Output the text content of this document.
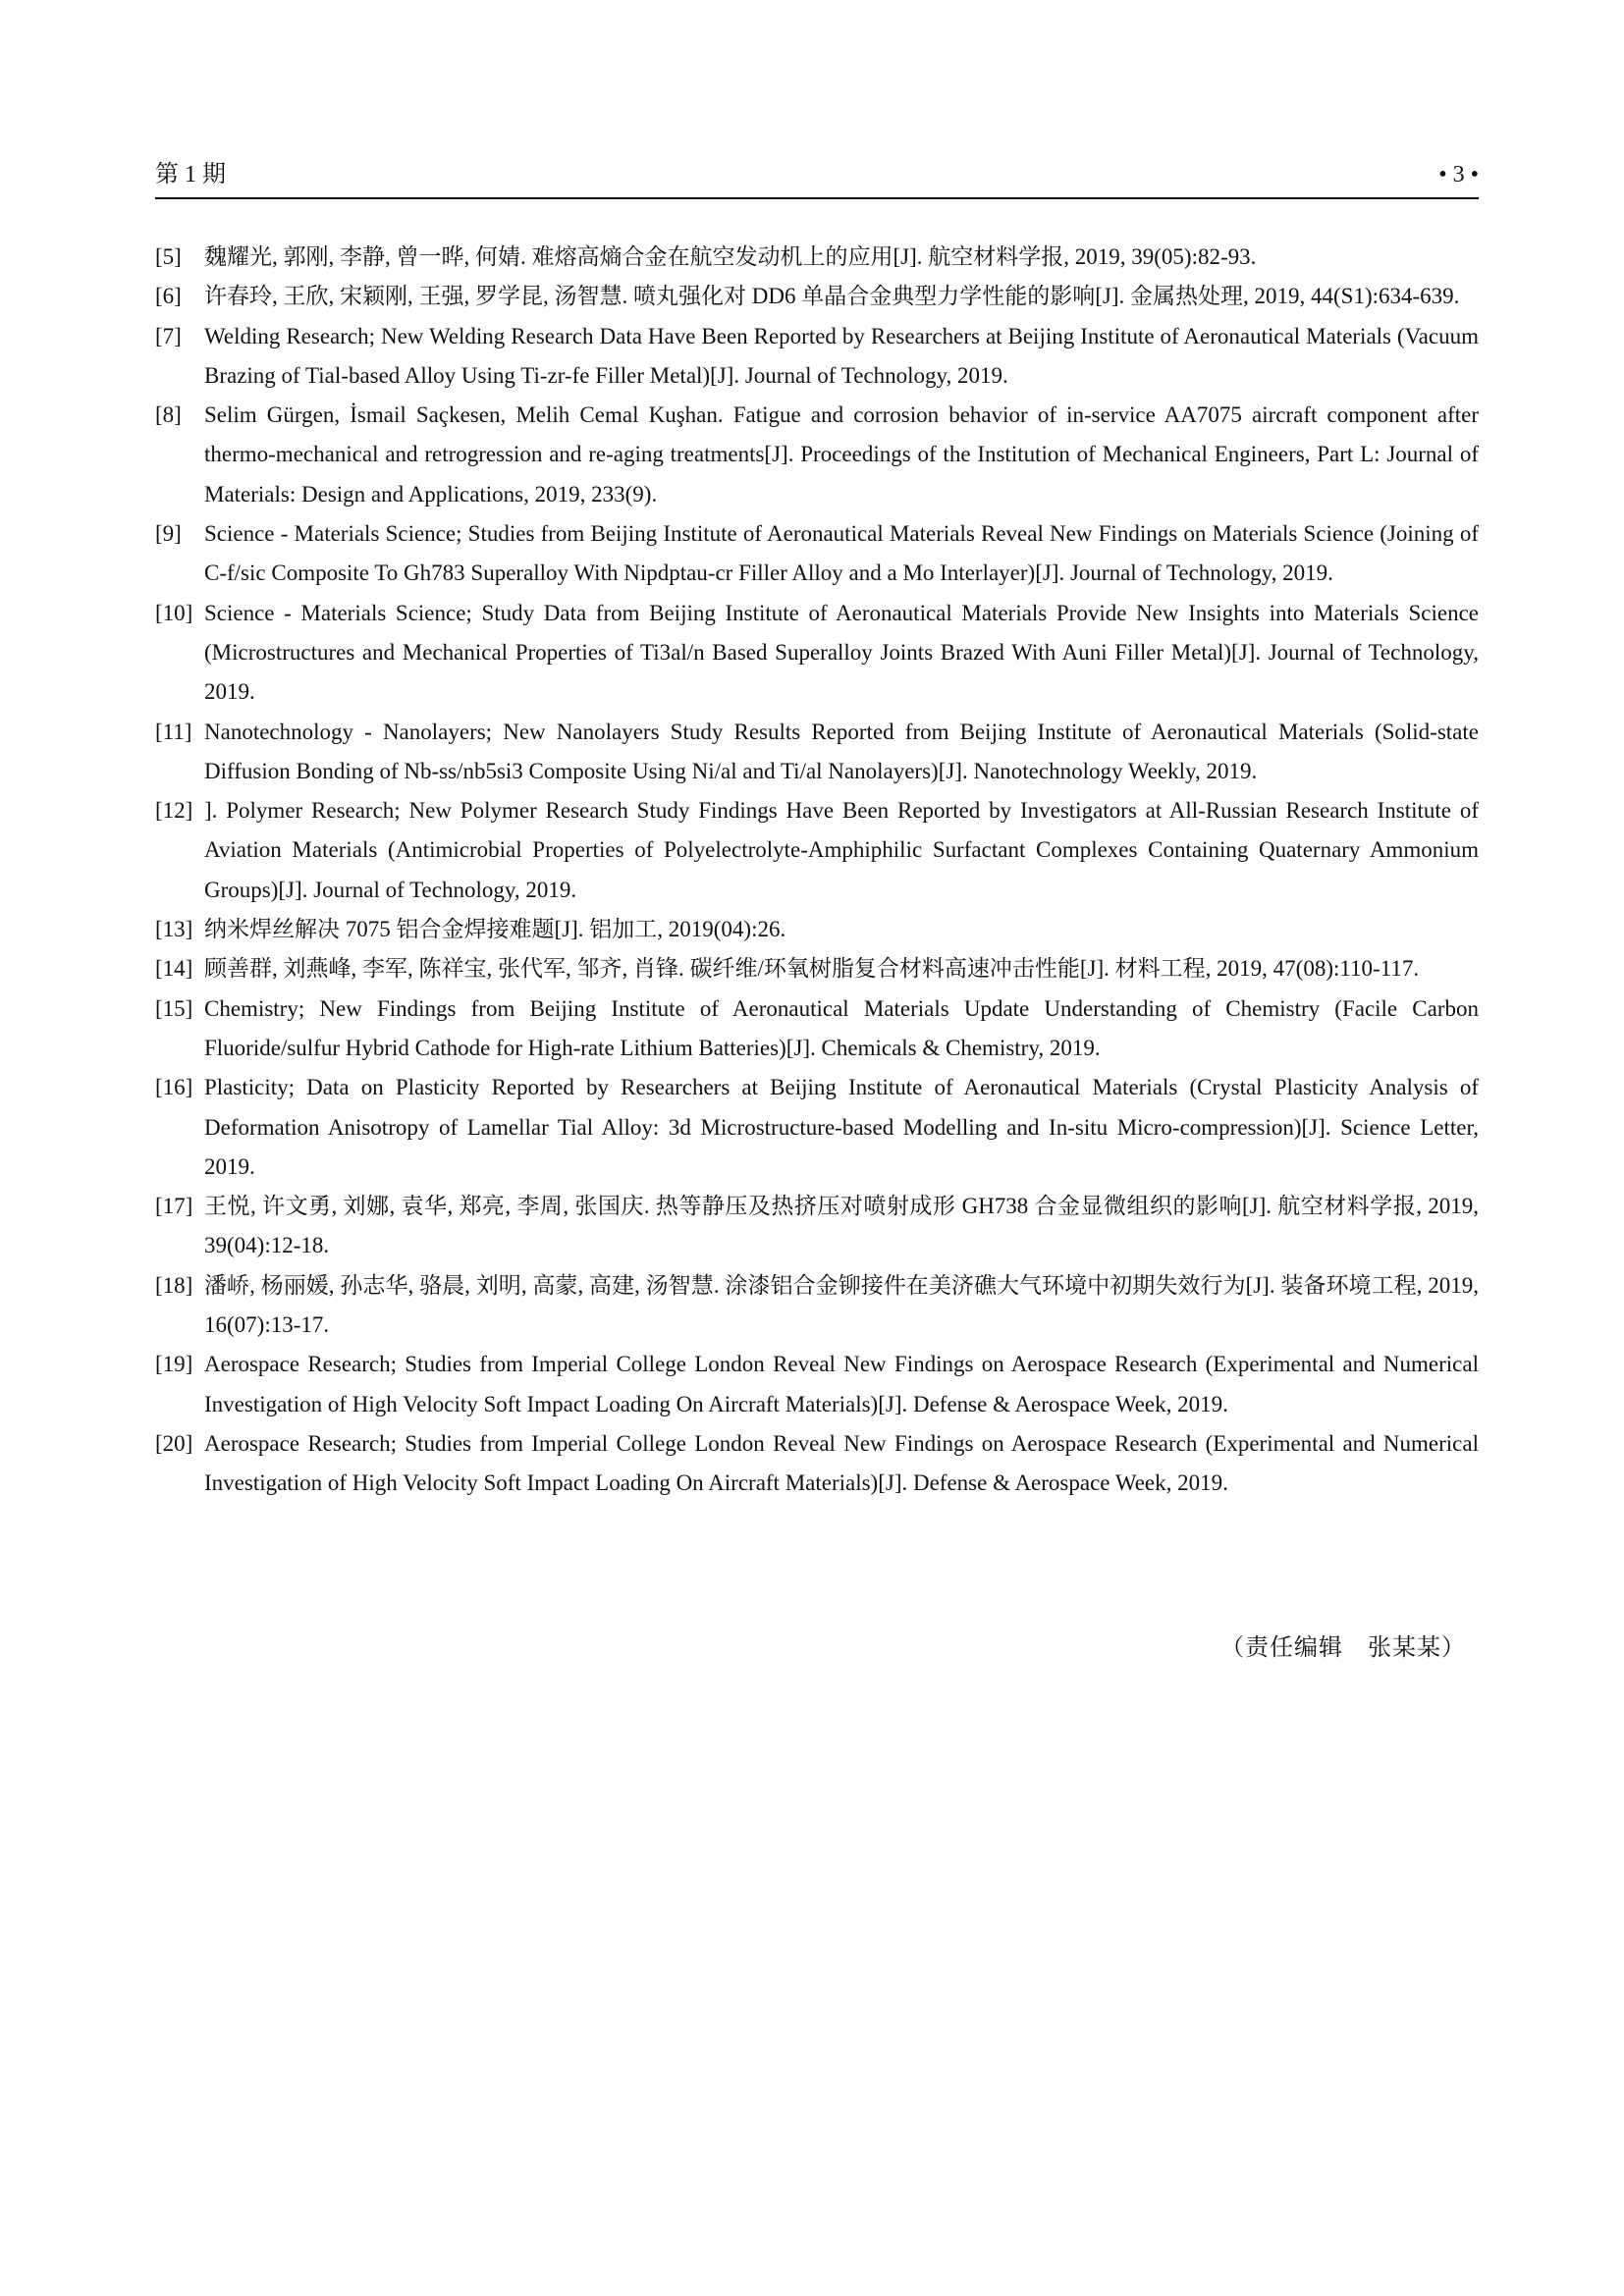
第 1 期	• 3 •
[5] 魏耀光, 郭刚, 李静, 曾一晔, 何婧. 难熔高熵合金在航空发动机上的应用[J]. 航空材料学报, 2019, 39(05):82-93.
[6] 许春玲, 王欣, 宋颖刚, 王强, 罗学昆, 汤智慧. 喷丸强化对 DD6 单晶合金典型力学性能的影响[J]. 金属热处理, 2019, 44(S1):634-639.
[7] Welding Research; New Welding Research Data Have Been Reported by Researchers at Beijing Institute of Aeronautical Materials (Vacuum Brazing of Tial-based Alloy Using Ti-zr-fe Filler Metal)[J]. Journal of Technology, 2019.
[8] Selim Gürgen, İsmail Saçkesen, Melih Cemal Kuşhan. Fatigue and corrosion behavior of in-service AA7075 aircraft component after thermo-mechanical and retrogression and re-aging treatments[J]. Proceedings of the Institution of Mechanical Engineers, Part L: Journal of Materials: Design and Applications, 2019, 233(9).
[9] Science - Materials Science; Studies from Beijing Institute of Aeronautical Materials Reveal New Findings on Materials Science (Joining of C-f/sic Composite To Gh783 Superalloy With Nipdptau-cr Filler Alloy and a Mo Interlayer)[J]. Journal of Technology, 2019.
[10] Science - Materials Science; Study Data from Beijing Institute of Aeronautical Materials Provide New Insights into Materials Science (Microstructures and Mechanical Properties of Ti3al/n Based Superalloy Joints Brazed With Auni Filler Metal)[J]. Journal of Technology, 2019.
[11] Nanotechnology - Nanolayers; New Nanolayers Study Results Reported from Beijing Institute of Aeronautical Materials (Solid-state Diffusion Bonding of Nb-ss/nb5si3 Composite Using Ni/al and Ti/al Nanolayers)[J]. Nanotechnology Weekly, 2019.
[12] ]. Polymer Research; New Polymer Research Study Findings Have Been Reported by Investigators at All-Russian Research Institute of Aviation Materials (Antimicrobial Properties of Polyelectrolyte-Amphiphilic Surfactant Complexes Containing Quaternary Ammonium Groups)[J]. Journal of Technology, 2019.
[13] 纳米焊丝解决 7075 铝合金焊接难题[J]. 铝加工, 2019(04):26.
[14] 顾善群, 刘燕峰, 李军, 陈祥宝, 张代军, 邹齐, 肖锋. 碳纤维/环氧树脂复合材料高速冲击性能[J]. 材料工程, 2019, 47(08):110-117.
[15] Chemistry; New Findings from Beijing Institute of Aeronautical Materials Update Understanding of Chemistry (Facile Carbon Fluoride/sulfur Hybrid Cathode for High-rate Lithium Batteries)[J]. Chemicals & Chemistry, 2019.
[16] Plasticity; Data on Plasticity Reported by Researchers at Beijing Institute of Aeronautical Materials (Crystal Plasticity Analysis of Deformation Anisotropy of Lamellar Tial Alloy: 3d Microstructure-based Modelling and In-situ Micro-compression)[J]. Science Letter, 2019.
[17] 王悦, 许文勇, 刘娜, 袁华, 郑亮, 李周, 张国庆. 热等静压及热挤压对喷射成形 GH738 合金显微组织的影响[J]. 航空材料学报, 2019, 39(04):12-18.
[18] 潘峤, 杨丽媛, 孙志华, 骆晨, 刘明, 高蒙, 高建, 汤智慧. 涂漆铝合金铆接件在美济礁大气环境中初期失效行为[J]. 装备环境工程, 2019, 16(07):13-17.
[19] Aerospace Research; Studies from Imperial College London Reveal New Findings on Aerospace Research (Experimental and Numerical Investigation of High Velocity Soft Impact Loading On Aircraft Materials)[J]. Defense & Aerospace Week, 2019.
[20] Aerospace Research; Studies from Imperial College London Reveal New Findings on Aerospace Research (Experimental and Numerical Investigation of High Velocity Soft Impact Loading On Aircraft Materials)[J]. Defense & Aerospace Week, 2019.
（责任编辑　张某某）
